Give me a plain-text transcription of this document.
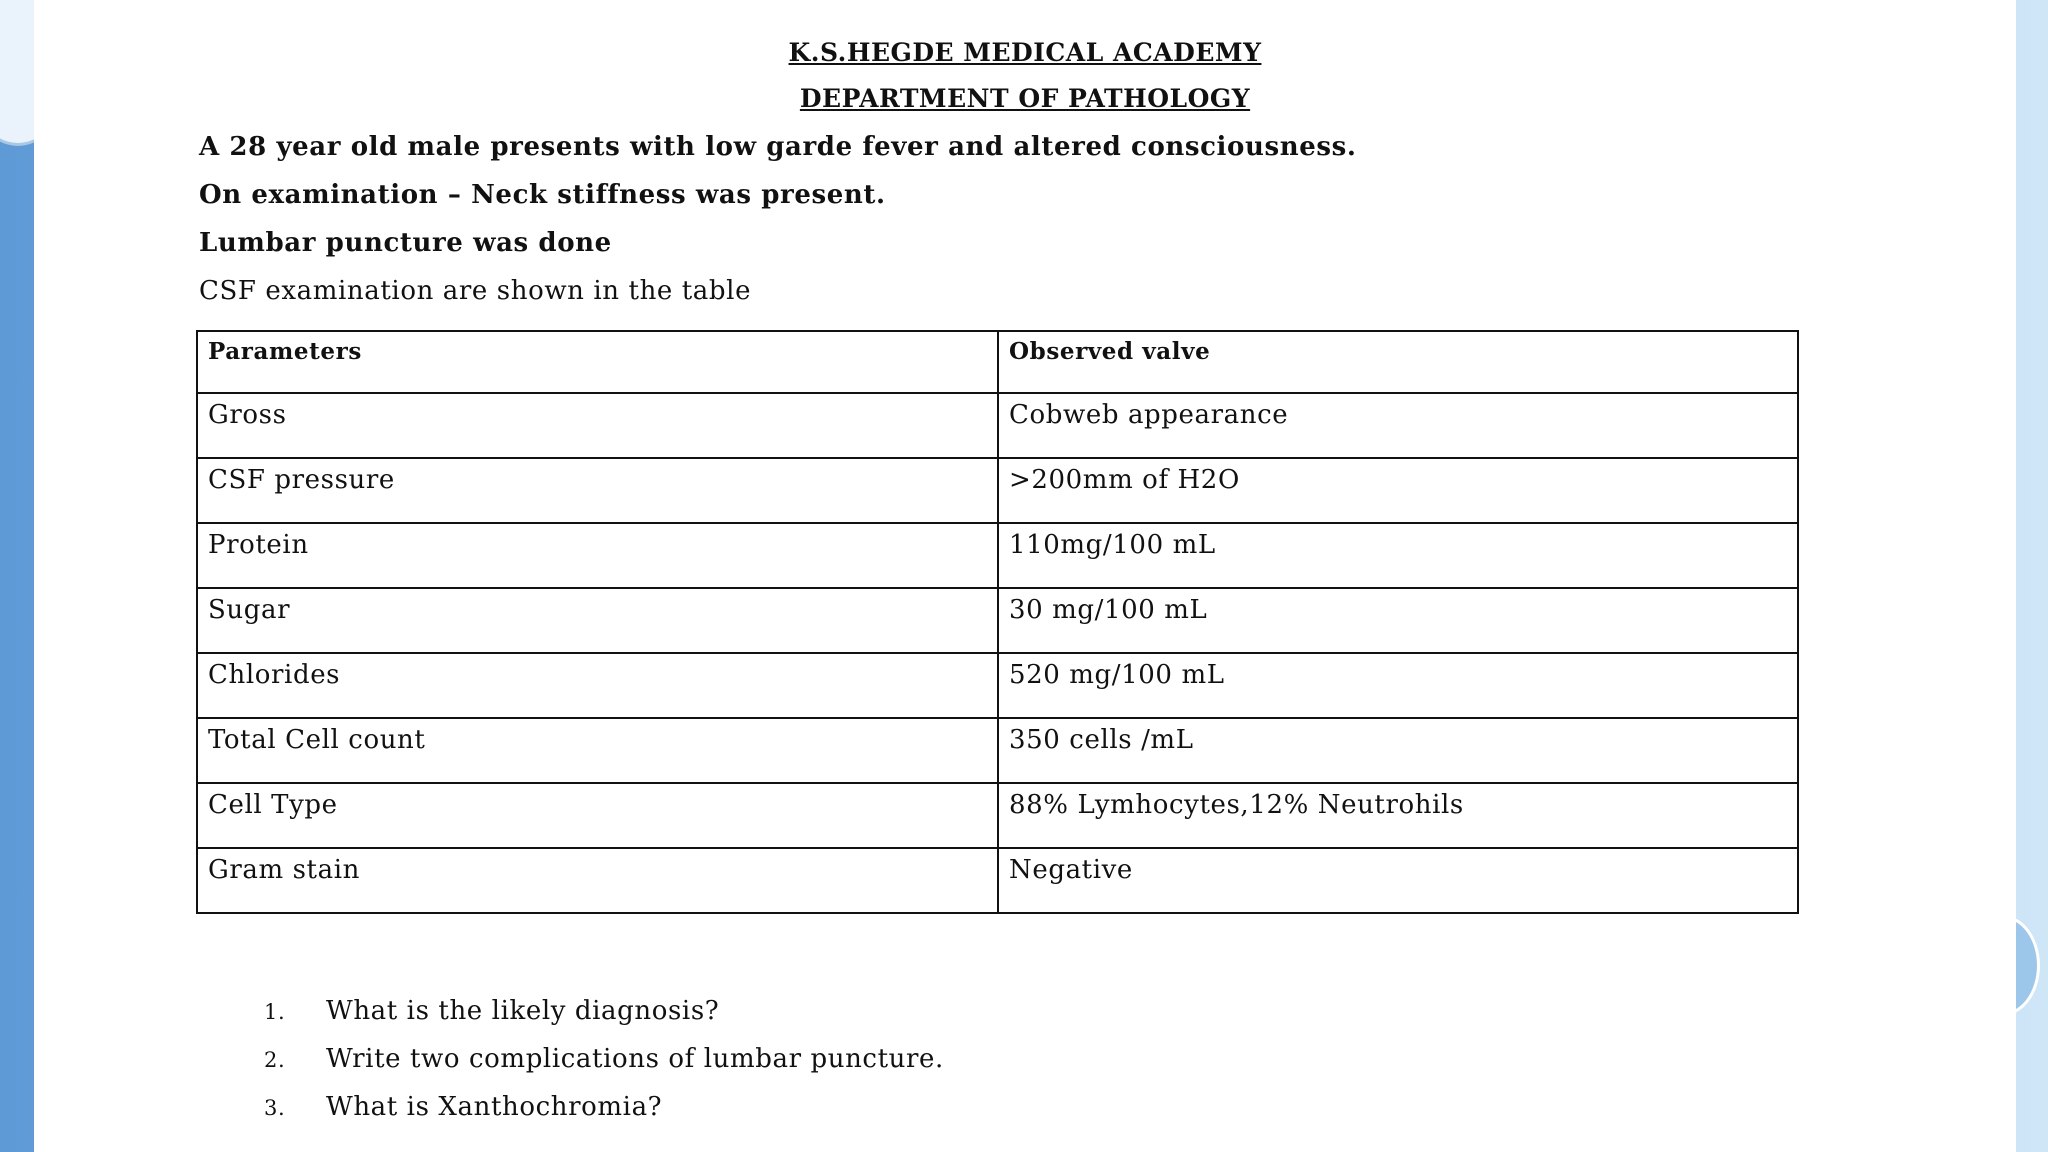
K.S.HEGDE MEDICAL ACADEMY
DEPARTMENT OF PATHOLOGY
A 28 year old male presents with low garde fever and altered consciousness.
On examination – Neck stiffness was present.
Lumbar puncture was done
CSF examination are shown in the table
Parameters	Observed valve
Gross	Cobweb appearance
CSF pressure	>200mm of H2O
Protein	110mg/100 mL
Sugar	30 mg/100 mL
Chlorides	520 mg/100 mL
Total Cell count	350 cells /mL
Cell Type	88% Lymhocytes,12% Neutrohils
Gram stain	Negative
1. What is the likely diagnosis?
2. Write two complications of lumbar puncture.
3. What is Xanthochromia?
